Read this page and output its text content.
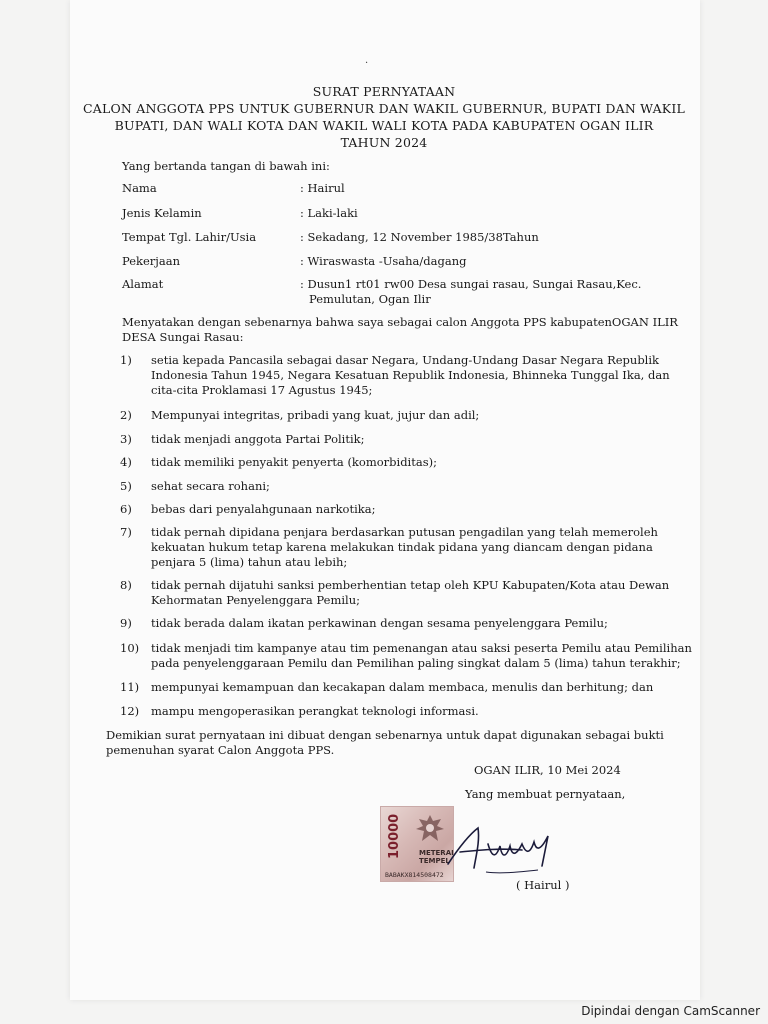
·
SURAT PERNYATAAN
CALON ANGGOTA PPS UNTUK GUBERNUR DAN WAKIL GUBERNUR, BUPATI DAN WAKIL
BUPATI, DAN WALI KOTA DAN WAKIL WALI KOTA PADA KABUPATEN OGAN ILIR
TAHUN 2024
Yang bertanda tangan di bawah ini:
Nama	: Hairul
Jenis Kelamin	: Laki-laki
Tempat Tgl. Lahir/Usia	: Sekadang, 12 November 1985/38Tahun
Pekerjaan	: Wiraswasta -Usaha/dagang
Alamat	: Dusun1 rt01 rw00 Desa sungai rasau, Sungai Rasau,Kec.
Pemulutan, Ogan Ilir
Menyatakan dengan sebenarnya bahwa saya sebagai calon Anggota PPS kabupatenOGAN ILIR
DESA Sungai Rasau:
1) setia kepada Pancasila sebagai dasar Negara, Undang-Undang Dasar Negara Republik
Indonesia Tahun 1945, Negara Kesatuan Republik Indonesia, Bhinneka Tunggal Ika, dan
cita-cita Proklamasi 17 Agustus 1945;
2) Mempunyai integritas, pribadi yang kuat, jujur dan adil;
3) tidak menjadi anggota Partai Politik;
4) tidak memiliki penyakit penyerta (komorbiditas);
5) sehat secara rohani;
6) bebas dari penyalahgunaan narkotika;
7) tidak pernah dipidana penjara berdasarkan putusan pengadilan yang telah memeroleh
kekuatan hukum tetap karena melakukan tindak pidana yang diancam dengan pidana
penjara 5 (lima) tahun atau lebih;
8) tidak pernah dijatuhi sanksi pemberhentian tetap oleh KPU Kabupaten/Kota atau Dewan
Kehormatan Penyelenggara Pemilu;
9) tidak berada dalam ikatan perkawinan dengan sesama penyelenggara Pemilu;
10) tidak menjadi tim kampanye atau tim pemenangan atau saksi peserta Pemilu atau Pemilihan
pada penyelenggaraan Pemilu dan Pemilihan paling singkat dalam 5 (lima) tahun terakhir;
11) mempunyai kemampuan dan kecakapan dalam membaca, menulis dan berhitung; dan
12) mampu mengoperasikan perangkat teknologi informasi.
Demikian surat pernyataan ini dibuat dengan sebenarnya untuk dapat digunakan sebagai bukti
pemenuhan syarat Calon Anggota PPS.
OGAN ILIR, 10 Mei 2024
Yang membuat pernyataan,
10000 METERAI
TEMPEL
BABAKX814508472
( Hairul )
Dipindai dengan CamScanner
